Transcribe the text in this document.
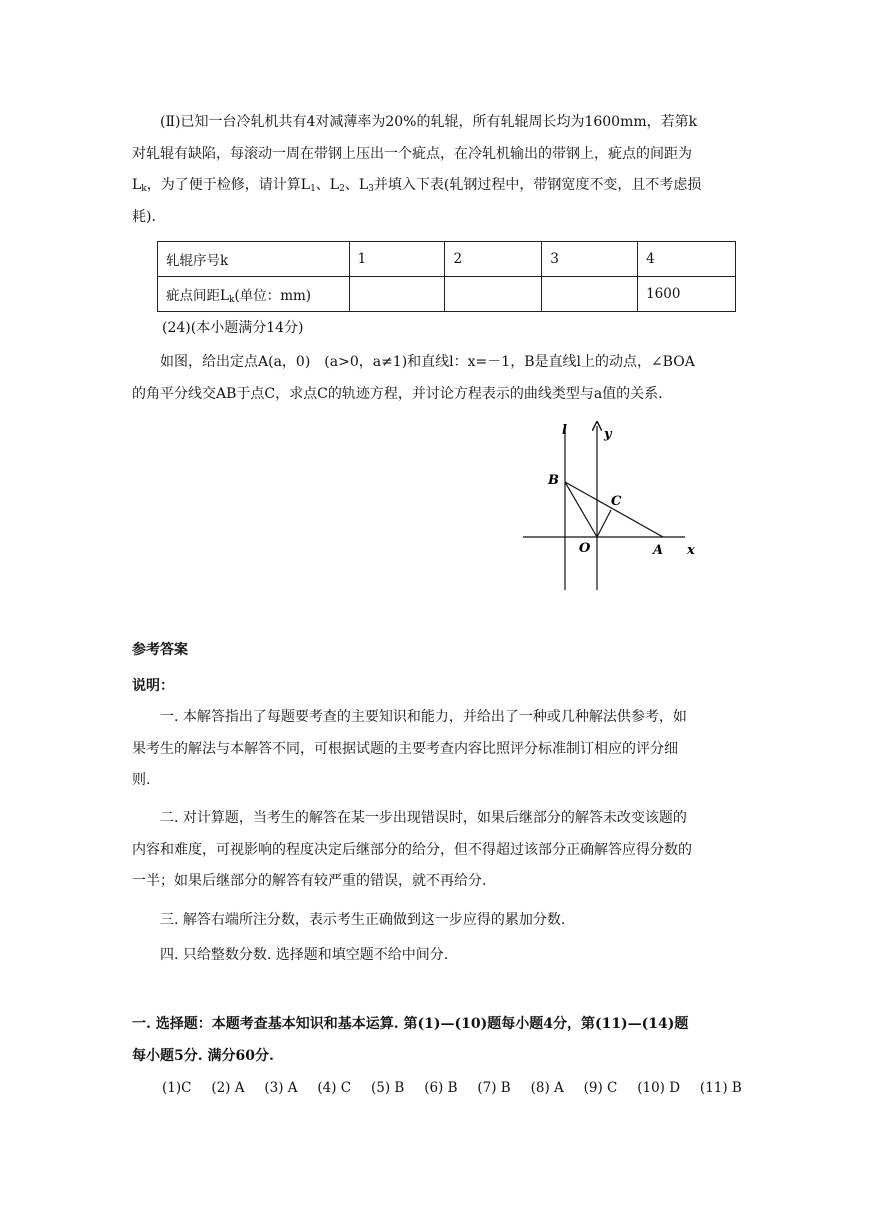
(Ⅱ)已知一台冷轧机共有4对减薄率为20%的轧辊，所有轧辊周长均为1600mm，若第k
对轧辊有缺陷，每滚动一周在带钢上压出一个疵点，在冷轧机输出的带钢上，疵点的间距为
$L_k$，为了便于检修，请计算$L_1$、$L_2$、$L_3$并填入下表(轧钢过程中，带钢宽度不变，且不考虑损
耗).
轧辊序号k	1	2	3	4
疵点间距$L_k$(单位：mm)				1600
(24)(本小题满分14分)
如图，给出定点A(a，0)　(a>0，a≠1)和直线l：x=－1，B是直线l上的动点，∠BOA
的角平分线交AB于点C，求点C的轨迹方程，并讨论方程表示的曲线类型与a值的关系.
l	y
B
C
O	A x
参考答案
说明：
一. 本解答指出了每题要考查的主要知识和能力，并给出了一种或几种解法供参考，如
果考生的解法与本解答不同，可根据试题的主要考查内容比照评分标准制订相应的评分细
则.
二. 对计算题，当考生的解答在某一步出现错误时，如果后继部分的解答未改变该题的
内容和难度，可视影响的程度决定后继部分的给分，但不得超过该部分正确解答应得分数的
一半；如果后继部分的解答有较严重的错误，就不再给分.
三. 解答右端所注分数，表示考生正确做到这一步应得的累加分数.
四. 只给整数分数. 选择题和填空题不给中间分.
一. 选择题：本题考查基本知识和基本运算. 第(1)—(10)题每小题4分，第(11)—(14)题
每小题5分. 满分60分.
(1)C (2) A (3) A (4) C (5) B (6) B (7) B (8) A (9) C (10) D (11) B
